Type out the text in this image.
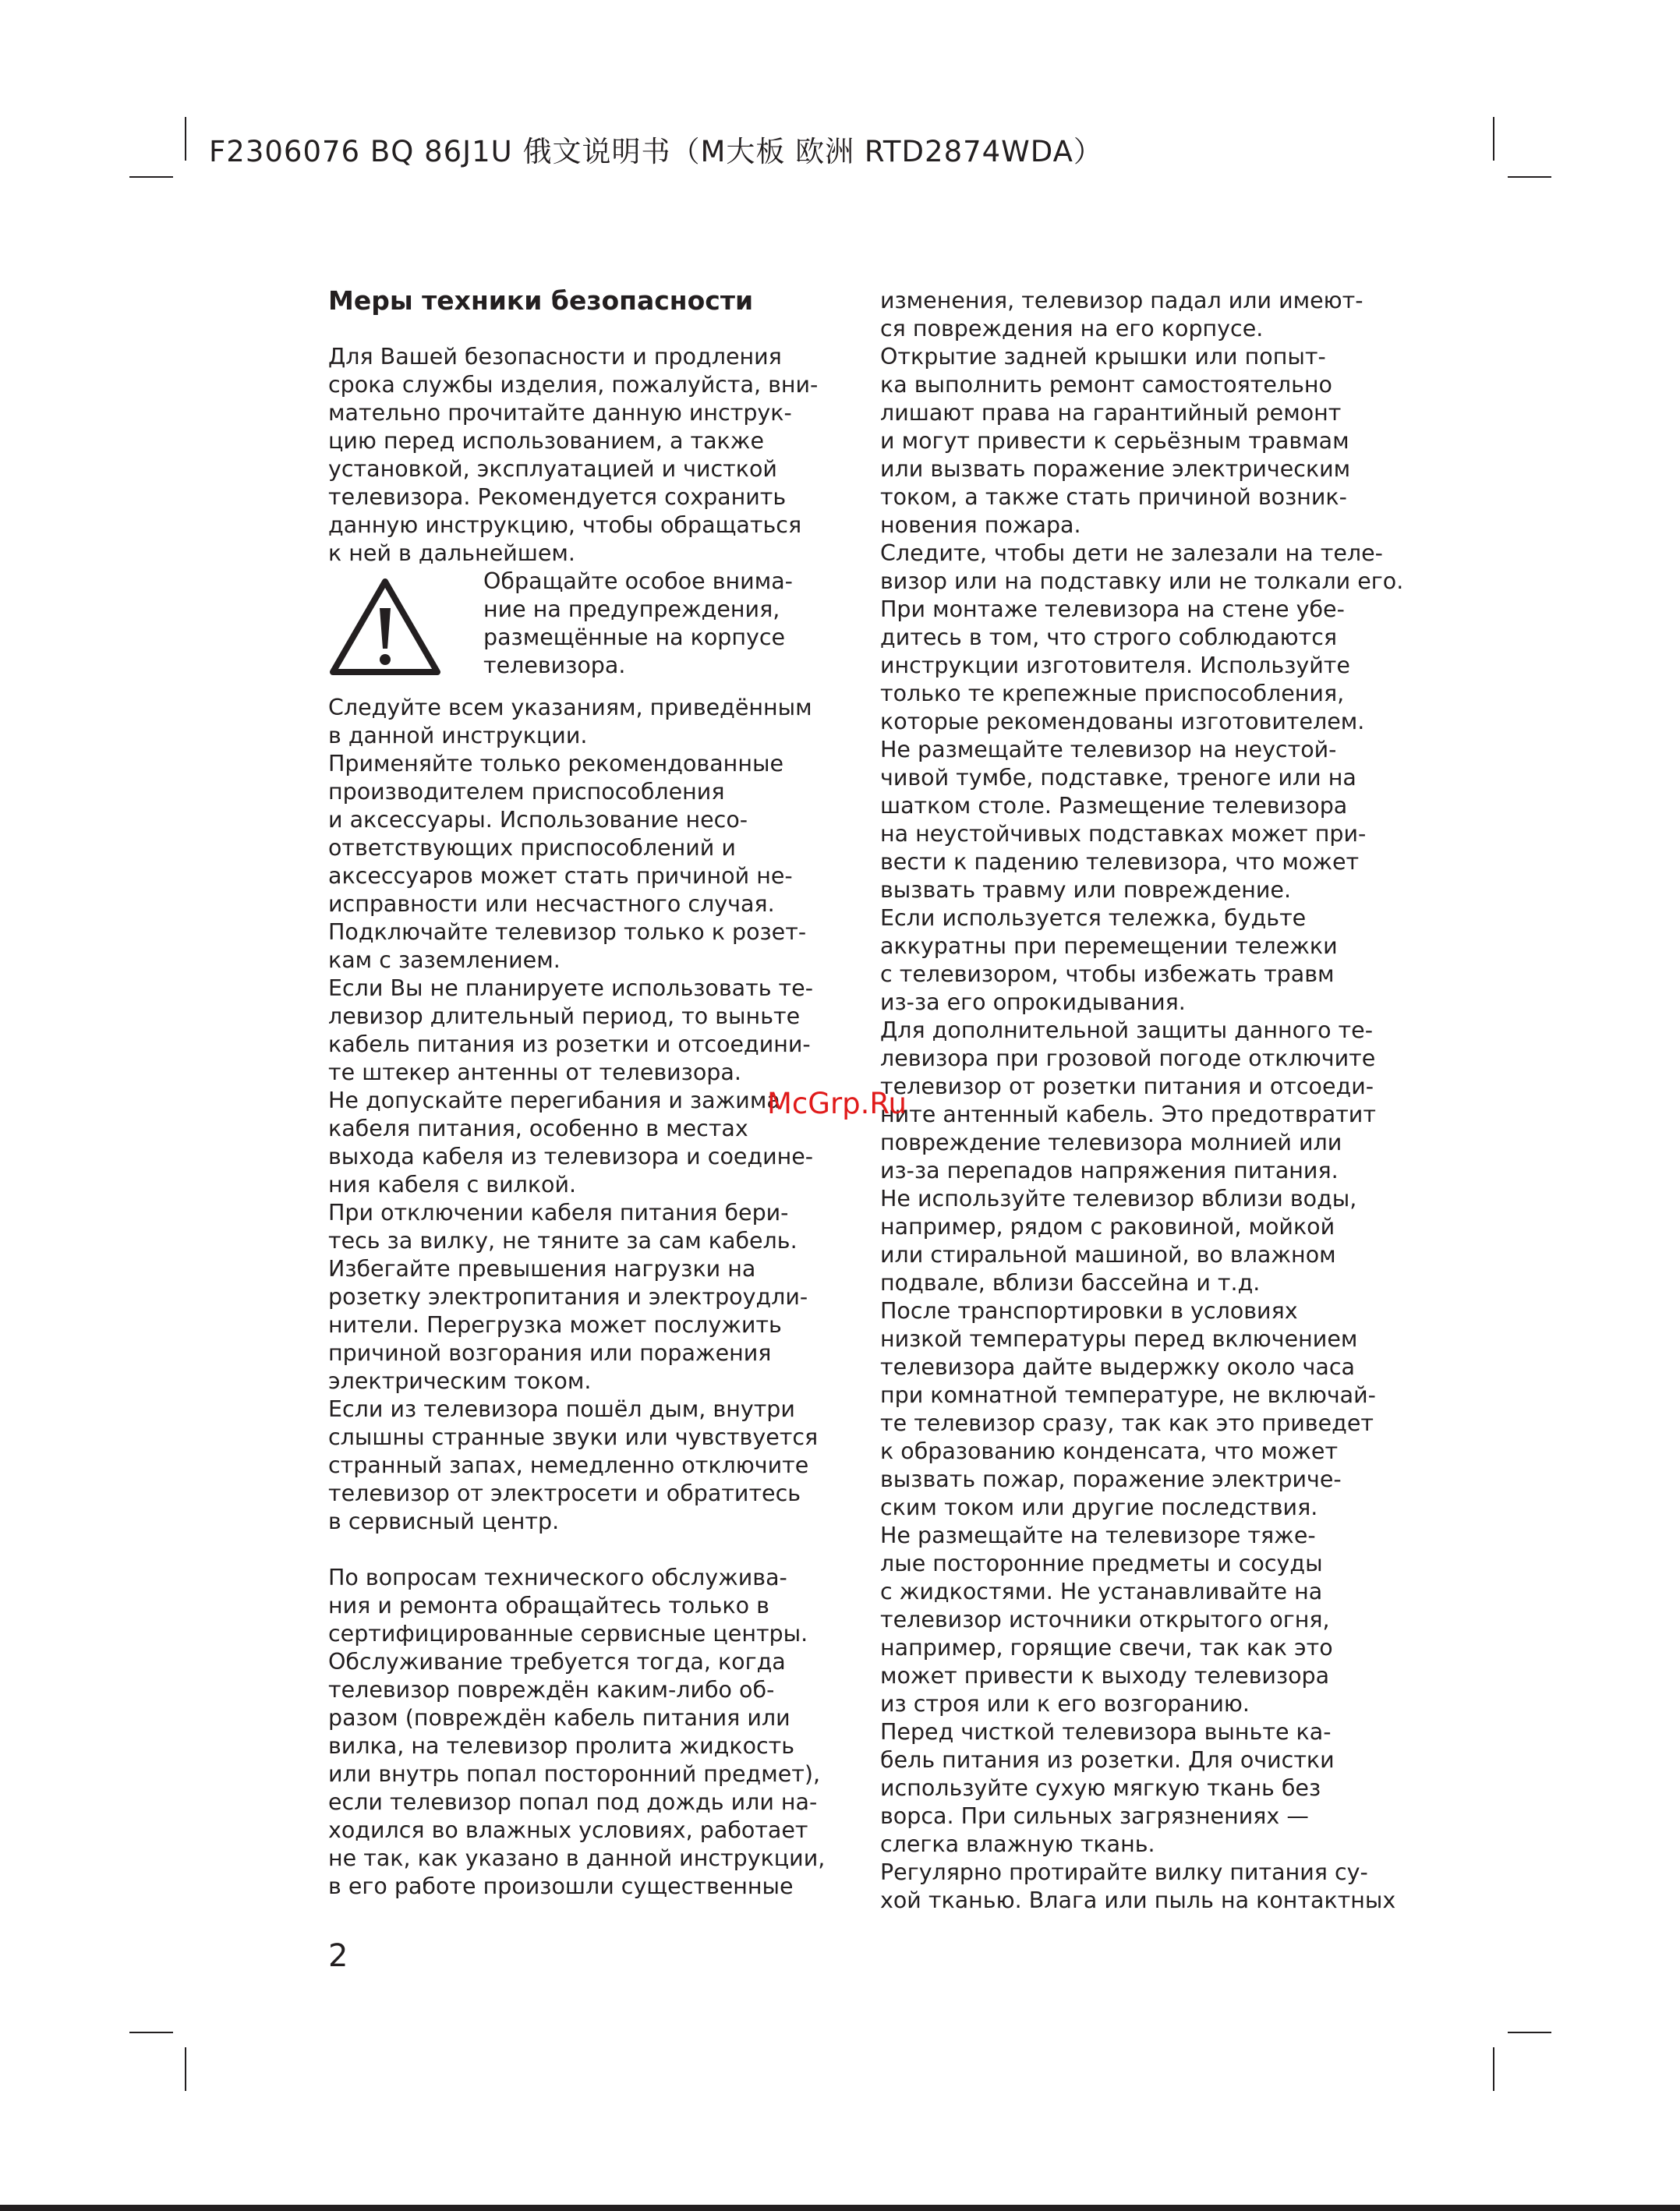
F2306076 BQ 86J1U 俄文说明书（M大板 欧洲 RTD2874WDA）
Меры техники безопасности
Для Вашей безопасности и продления
срока службы изделия, пожалуйста, вни-
мательно прочитайте данную инструк-
цию перед использованием, а также
установкой, эксплуатацией и чисткой
телевизора. Рекомендуется сохранить
данную инструкцию, чтобы обращаться
к ней в дальнейшем.
Обращайте особое внима-
ние на предупреждения,
размещённые на корпусе
телевизора.
Следуйте всем указаниям, приведённым
в данной инструкции.
Применяйте только рекомендованные
производителем приспособления
и аксессуары. Использование несо-
ответствующих приспособлений и
аксессуаров может стать причиной не-
исправности или несчастного случая.
Подключайте телевизор только к розет-
кам с заземлением.
Если Вы не планируете использовать те-
левизор длительный период, то выньте
кабель питания из розетки и отсоедини-
те штекер антенны от телевизора.
Не допускайте перегибания и зажима
кабеля питания, особенно в местах
выхода кабеля из телевизора и соедине-
ния кабеля с вилкой.
При отключении кабеля питания бери-
тесь за вилку, не тяните за сам кабель.
Избегайте превышения нагрузки на
розетку электропитания и электроудли-
нители. Перегрузка может послужить
причиной возгорания или поражения
электрическим током.
Если из телевизора пошёл дым, внутри
слышны странные звуки или чувствуется
странный запах, немедленно отключите
телевизор от электросети и обратитесь
в сервисный центр.
По вопросам технического обслужива-
ния и ремонта обращайтесь только в
сертифицированные сервисные центры.
Обслуживание требуется тогда, когда
телевизор повреждён каким-либо об-
разом (повреждён кабель питания или
вилка, на телевизор пролита жидкость
или внутрь попал посторонний предмет),
если телевизор попал под дождь или на-
ходился во влажных условиях, работает
не так, как указано в данной инструкции,
в его работе произошли существенные
изменения, телевизор падал или имеют-
ся повреждения на его корпусе.
Открытие задней крышки или попыт-
ка выполнить ремонт самостоятельно
лишают права на гарантийный ремонт
и могут привести к серьёзным травмам
или вызвать поражение электрическим
током, а также стать причиной возник-
новения пожара.
Следите, чтобы дети не залезали на теле-
визор или на подставку или не толкали его.
При монтаже телевизора на стене убе-
дитесь в том, что строго соблюдаются
инструкции изготовителя. Используйте
только те крепежные приспособления,
которые рекомендованы изготовителем.
Не размещайте телевизор на неустой-
чивой тумбе, подставке, треноге или на
шатком столе. Размещение телевизора
на неустойчивых подставках может при-
вести к падению телевизора, что может
вызвать травму или повреждение.
Если используется тележка, будьте
аккуратны при перемещении тележки
с телевизором, чтобы избежать травм
из-за его опрокидывания.
Для дополнительной защиты данного те-
левизора при грозовой погоде отключите
телевизор от розетки питания и отсоеди-
ните антенный кабель. Это предотвратит
повреждение телевизора молнией или
из-за перепадов напряжения питания.
Не используйте телевизор вблизи воды,
например, рядом с раковиной, мойкой
или стиральной машиной, во влажном
подвале, вблизи бассейна и т.д.
После транспортировки в условиях
низкой температуры перед включением
телевизора дайте выдержку около часа
при комнатной температуре, не включай-
те телевизор сразу, так как это приведет
к образованию конденсата, что может
вызвать пожар, поражение электриче-
ским током или другие последствия.
Не размещайте на телевизоре тяже-
лые посторонние предметы и сосуды
с жидкостями. Не устанавливайте на
телевизор источники открытого огня,
например, горящие свечи, так как это
может привести к выходу телевизора
из строя или к его возгоранию.
Перед чисткой телевизора выньте ка-
бель питания из розетки. Для очистки
используйте сухую мягкую ткань без
ворса. При сильных загрязнениях —
слегка влажную ткань.
Регулярно протирайте вилку питания су-
хой тканью. Влага или пыль на контактных
McGrp.Ru
2
